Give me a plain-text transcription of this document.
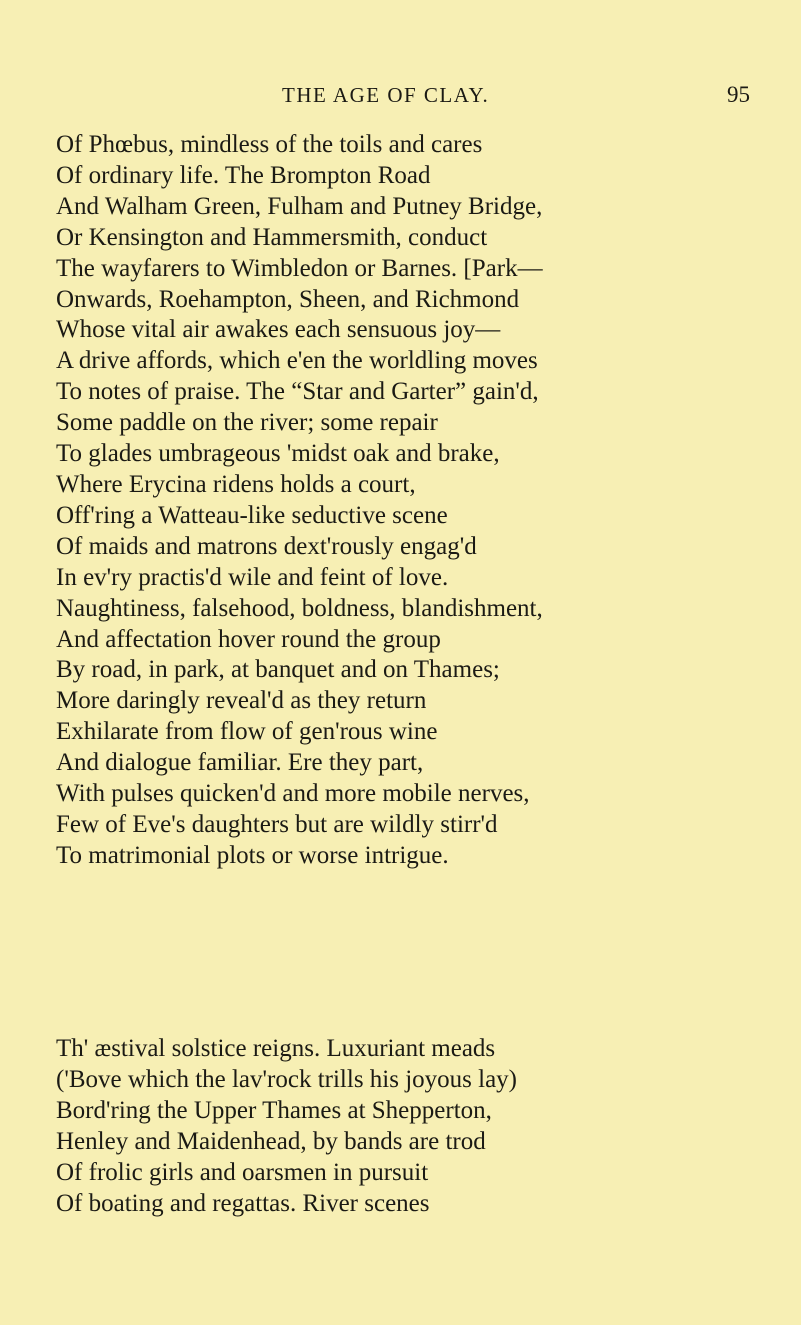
THE AGE OF CLAY.	95
Of Phœbus, mindless of the toils and cares
Of ordinary life. The Brompton Road
And Walham Green, Fulham and Putney Bridge,
Or Kensington and Hammersmith, conduct
The wayfarers to Wimbledon or Barnes. [Park—
Onwards, Roehampton, Sheen, and Richmond
Whose vital air awakes each sensuous joy—
A drive affords, which e'en the worldling moves
To notes of praise. The “Star and Garter” gain'd,
Some paddle on the river; some repair
To glades umbrageous 'midst oak and brake,
Where Erycina ridens holds a court,
Off'ring a Watteau-like seductive scene
Of maids and matrons dext'rously engag'd
In ev'ry practis'd wile and feint of love.
Naughtiness, falsehood, boldness, blandishment,
And affectation hover round the group
By road, in park, at banquet and on Thames;
More daringly reveal'd as they return
Exhilarate from flow of gen'rous wine
And dialogue familiar. Ere they part,
With pulses quicken'd and more mobile nerves,
Few of Eve's daughters but are wildly stirr'd
To matrimonial plots or worse intrigue.
Th' æstival solstice reigns. Luxuriant meads
('Bove which the lav'rock trills his joyous lay)
Bord'ring the Upper Thames at Shepperton,
Henley and Maidenhead, by bands are trod
Of frolic girls and oarsmen in pursuit
Of boating and regattas. River scenes
